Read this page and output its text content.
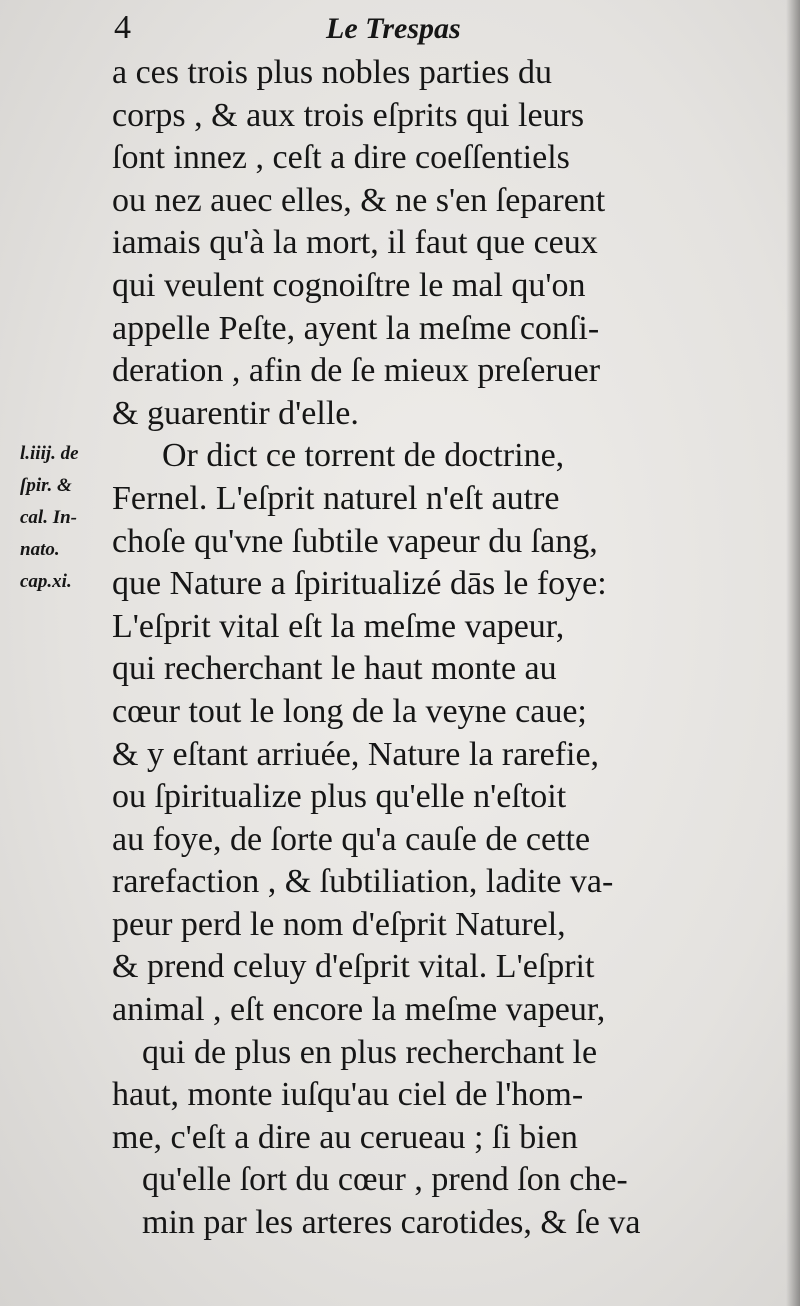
4	Le Trespas
l.iiij. de
ſpir. &
cal. In-
nato.
cap.xi.
a ces trois plus nobles parties du
corps , & aux trois eſprits qui leurs
ſont innez , ceſt a dire coeſſentiels
ou nez auec elles, & ne s'en ſeparent
iamais qu'à la mort, il faut que ceux
qui veulent cognoiſtre le mal qu'on
appelle Peſte, ayent la meſme conſi-
deration , afin de ſe mieux preſeruer
& guarentir d'elle.
Or dict ce torrent de doctrine,
Fernel. L'eſprit naturel n'eſt autre
choſe qu'vne ſubtile vapeur du ſang,
que Nature a ſpiritualizé dās le foye:
L'eſprit vital eſt la meſme vapeur,
qui recherchant le haut monte au
cœur tout le long de la veyne caue;
& y eſtant arriuée, Nature la rarefie,
ou ſpiritualize plus qu'elle n'eſtoit
au foye, de ſorte qu'a cauſe de cette
rarefaction , & ſubtiliation, ladite va-
peur perd le nom d'eſprit Naturel,
& prend celuy d'eſprit vital. L'eſprit
animal , eſt encore la meſme vapeur,
qui de plus en plus recherchant le
haut, monte iuſqu'au ciel de l'hom-
me, c'eſt a dire au cerueau ; ſi bien
qu'elle ſort du cœur , prend ſon che-
min par les arteres carotides, & ſe va
